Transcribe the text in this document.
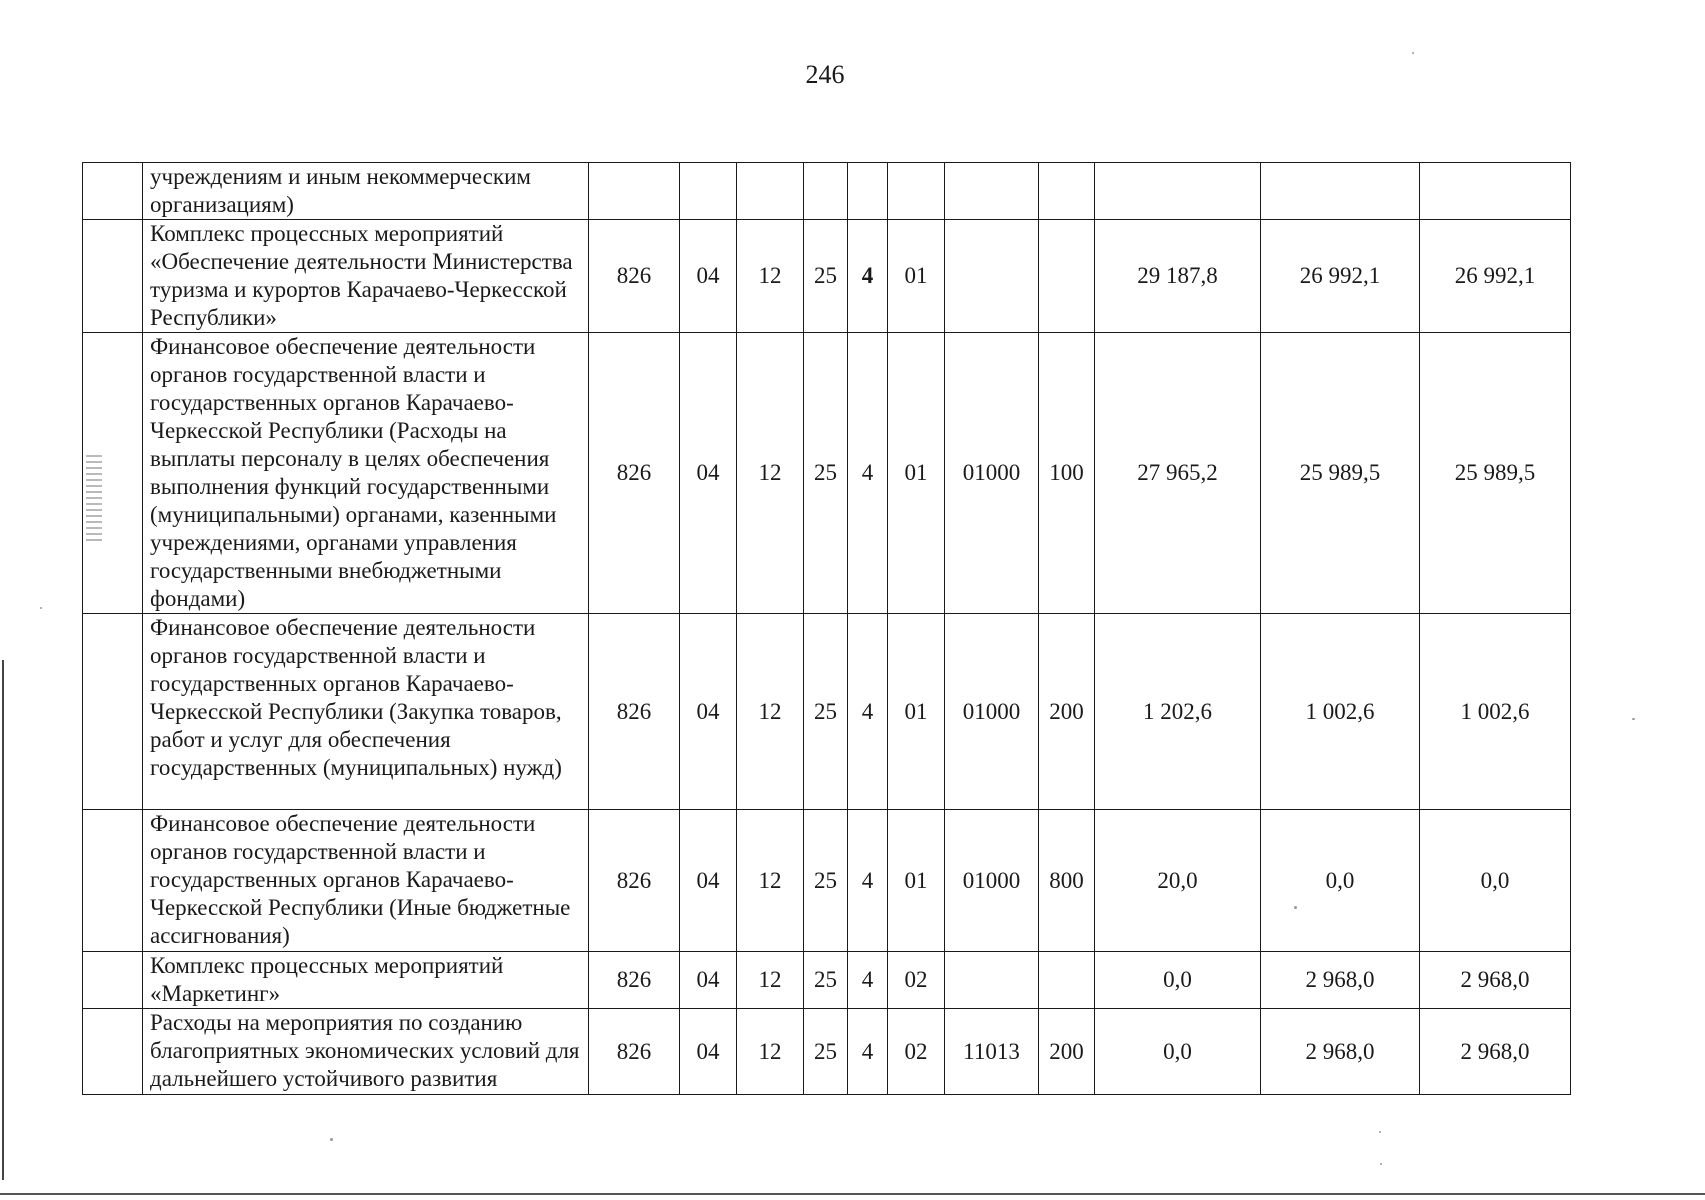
246
	учреждениям и иным некоммерческим организациям)											
	Комплекс процессных мероприятий «Обеспечение деятельности Министерства туризма и курортов Карачаево-Черкесской Республики»	826	04	12	25	4	01			29 187,8	26 992,1	26 992,1
	Финансовое обеспечение деятельности органов государственной власти и государственных органов Карачаево-Черкесской Республики (Расходы на выплаты персоналу в целях обеспечения выполнения функций государственными (муниципальными) органами, казенными учреждениями, органами управления государственными внебюджетными фондами)	826	04	12	25	4	01	01000	100	27 965,2	25 989,5	25 989,5
	Финансовое обеспечение деятельности органов государственной власти и государственных органов Карачаево-Черкесской Республики (Закупка товаров, работ и услуг для обеспечения государственных (муниципальных) нужд)	826	04	12	25	4	01	01000	200	1 202,6	1 002,6	1 002,6
	Финансовое обеспечение деятельности органов государственной власти и государственных органов Карачаево-Черкесской Республики (Иные бюджетные ассигнования)	826	04	12	25	4	01	01000	800	20,0	0,0	0,0
	Комплекс процессных мероприятий «Маркетинг»	826	04	12	25	4	02			0,0	2 968,0	2 968,0
	Расходы на мероприятия по созданию благоприятных экономических условий для дальнейшего устойчивого развития	826	04	12	25	4	02	11013	200	0,0	2 968,0	2 968,0
